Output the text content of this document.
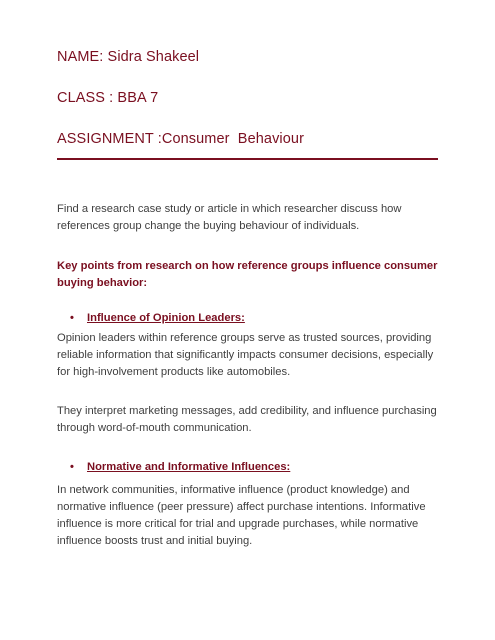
NAME: Sidra Shakeel
CLASS : BBA 7
ASSIGNMENT :Consumer  Behaviour
Find a research case study or article in which researcher discuss how references group change the buying behaviour of individuals.
Key points from research on how reference groups influence consumer buying behavior:
• Influence of Opinion Leaders:
Opinion leaders within reference groups serve as trusted sources, providing reliable information that significantly impacts consumer decisions, especially for high-involvement products like automobiles.
They interpret marketing messages, add credibility, and influence purchasing through word-of-mouth communication.
• Normative and Informative Influences:
In network communities, informative influence (product knowledge) and normative influence (peer pressure) affect purchase intentions. Informative influence is more critical for trial and upgrade purchases, while normative influence boosts trust and initial buying.
